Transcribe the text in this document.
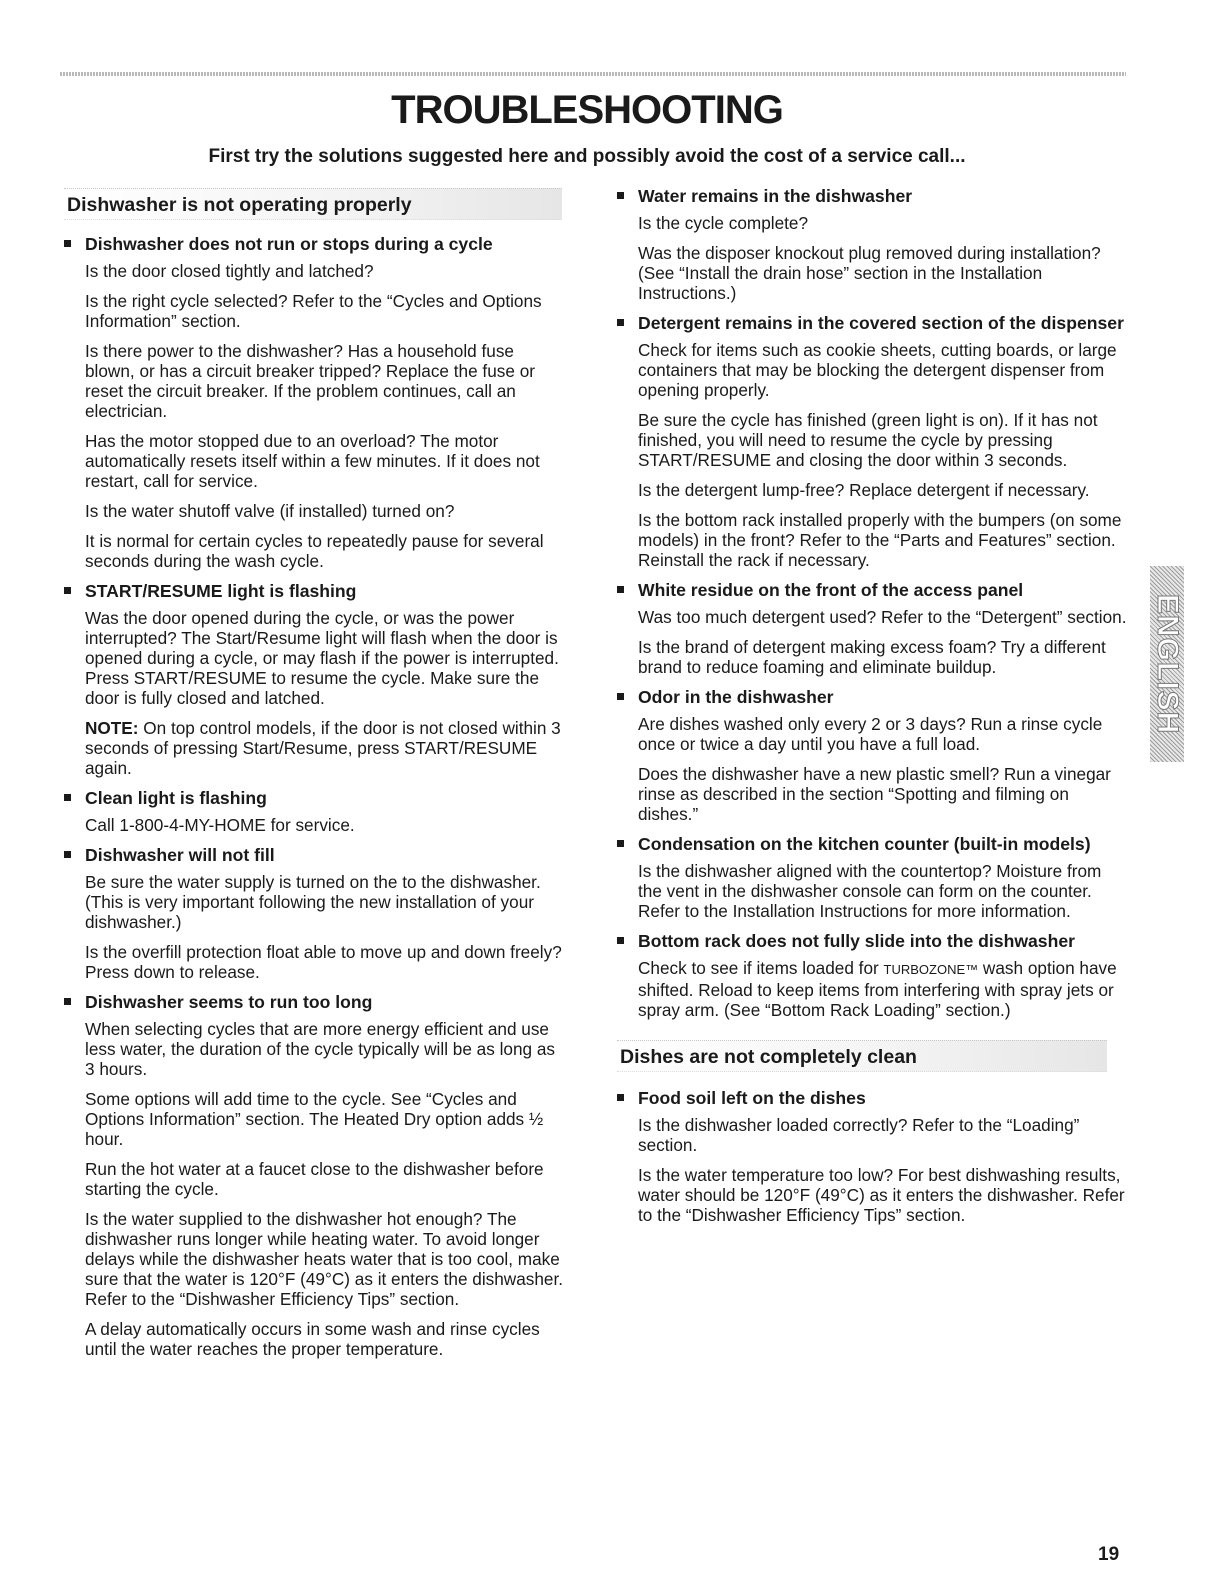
TROUBLESHOOTING

First try the solutions suggested here and possibly avoid the cost of a service call...

Dishwasher is not operating properly
Dishwasher does not run or stops during a cycle

Is the door closed tightly and latched?

Is the right cycle selected? Refer to the “Cycles and Options Information” section.

Is there power to the dishwasher? Has a household fuse blown, or has a circuit breaker tripped? Replace the fuse or reset the circuit breaker. If the problem continues, call an electrician.

Has the motor stopped due to an overload? The motor automatically resets itself within a few minutes. If it does not restart, call for service.

Is the water shutoff valve (if installed) turned on?

It is normal for certain cycles to repeatedly pause for several seconds during the wash cycle.

START/RESUME light is flashing

Was the door opened during the cycle, or was the power interrupted? The Start/Resume light will flash when the door is opened during a cycle, or may flash if the power is interrupted. Press START/RESUME to resume the cycle. Make sure the door is fully closed and latched.

NOTE: On top control models, if the door is not closed within 3 seconds of pressing Start/Resume, press START/RESUME again.

Clean light is flashing

Call 1-800-4-MY-HOME for service.

Dishwasher will not fill

Be sure the water supply is turned on the to the dishwasher. (This is very important following the new installation of your dishwasher.)

Is the overfill protection float able to move up and down freely? Press down to release.

Dishwasher seems to run too long

When selecting cycles that are more energy efficient and use less water, the duration of the cycle typically will be as long as 3 hours.

Some options will add time to the cycle. See “Cycles and Options Information” section. The Heated Dry option adds ½ hour.

Run the hot water at a faucet close to the dishwasher before starting the cycle.

Is the water supplied to the dishwasher hot enough? The dishwasher runs longer while heating water. To avoid longer delays while the dishwasher heats water that is too cool, make sure that the water is 120°F (49°C) as it enters the dishwasher. Refer to the “Dishwasher Efficiency Tips” section.

A delay automatically occurs in some wash and rinse cycles until the water reaches the proper temperature.

Water remains in the dishwasher

Is the cycle complete?

Was the disposer knockout plug removed during installation? (See “Install the drain hose” section in the Installation Instructions.)

Detergent remains in the covered section of the dispenser

Check for items such as cookie sheets, cutting boards, or large containers that may be blocking the detergent dispenser from opening properly.

Be sure the cycle has finished (green light is on). If it has not finished, you will need to resume the cycle by pressing START/RESUME and closing the door within 3 seconds.

Is the detergent lump-free? Replace detergent if necessary.

Is the bottom rack installed properly with the bumpers (on some models) in the front? Refer to the “Parts and Features” section. Reinstall the rack if necessary.

White residue on the front of the access panel

Was too much detergent used? Refer to the “Detergent” section.

Is the brand of detergent making excess foam? Try a different brand to reduce foaming and eliminate buildup.

Odor in the dishwasher

Are dishes washed only every 2 or 3 days? Run a rinse cycle once or twice a day until you have a full load.

Does the dishwasher have a new plastic smell? Run a vinegar rinse as described in the section “Spotting and filming on dishes.”

Condensation on the kitchen counter (built-in models)

Is the dishwasher aligned with the countertop? Moisture from the vent in the dishwasher console can form on the counter. Refer to the Installation Instructions for more information.

Bottom rack does not fully slide into the dishwasher

Check to see if items loaded for TURBOZONE™ wash option have shifted. Reload to keep items from interfering with spray jets or spray arm. (See “Bottom Rack Loading” section.)

Dishes are not completely clean
Food soil left on the dishes

Is the dishwasher loaded correctly? Refer to the “Loading” section.

Is the water temperature too low? For best dishwashing results, water should be 120°F (49°C) as it enters the dishwasher. Refer to the “Dishwasher Efficiency Tips” section.

ENGLISH
19
